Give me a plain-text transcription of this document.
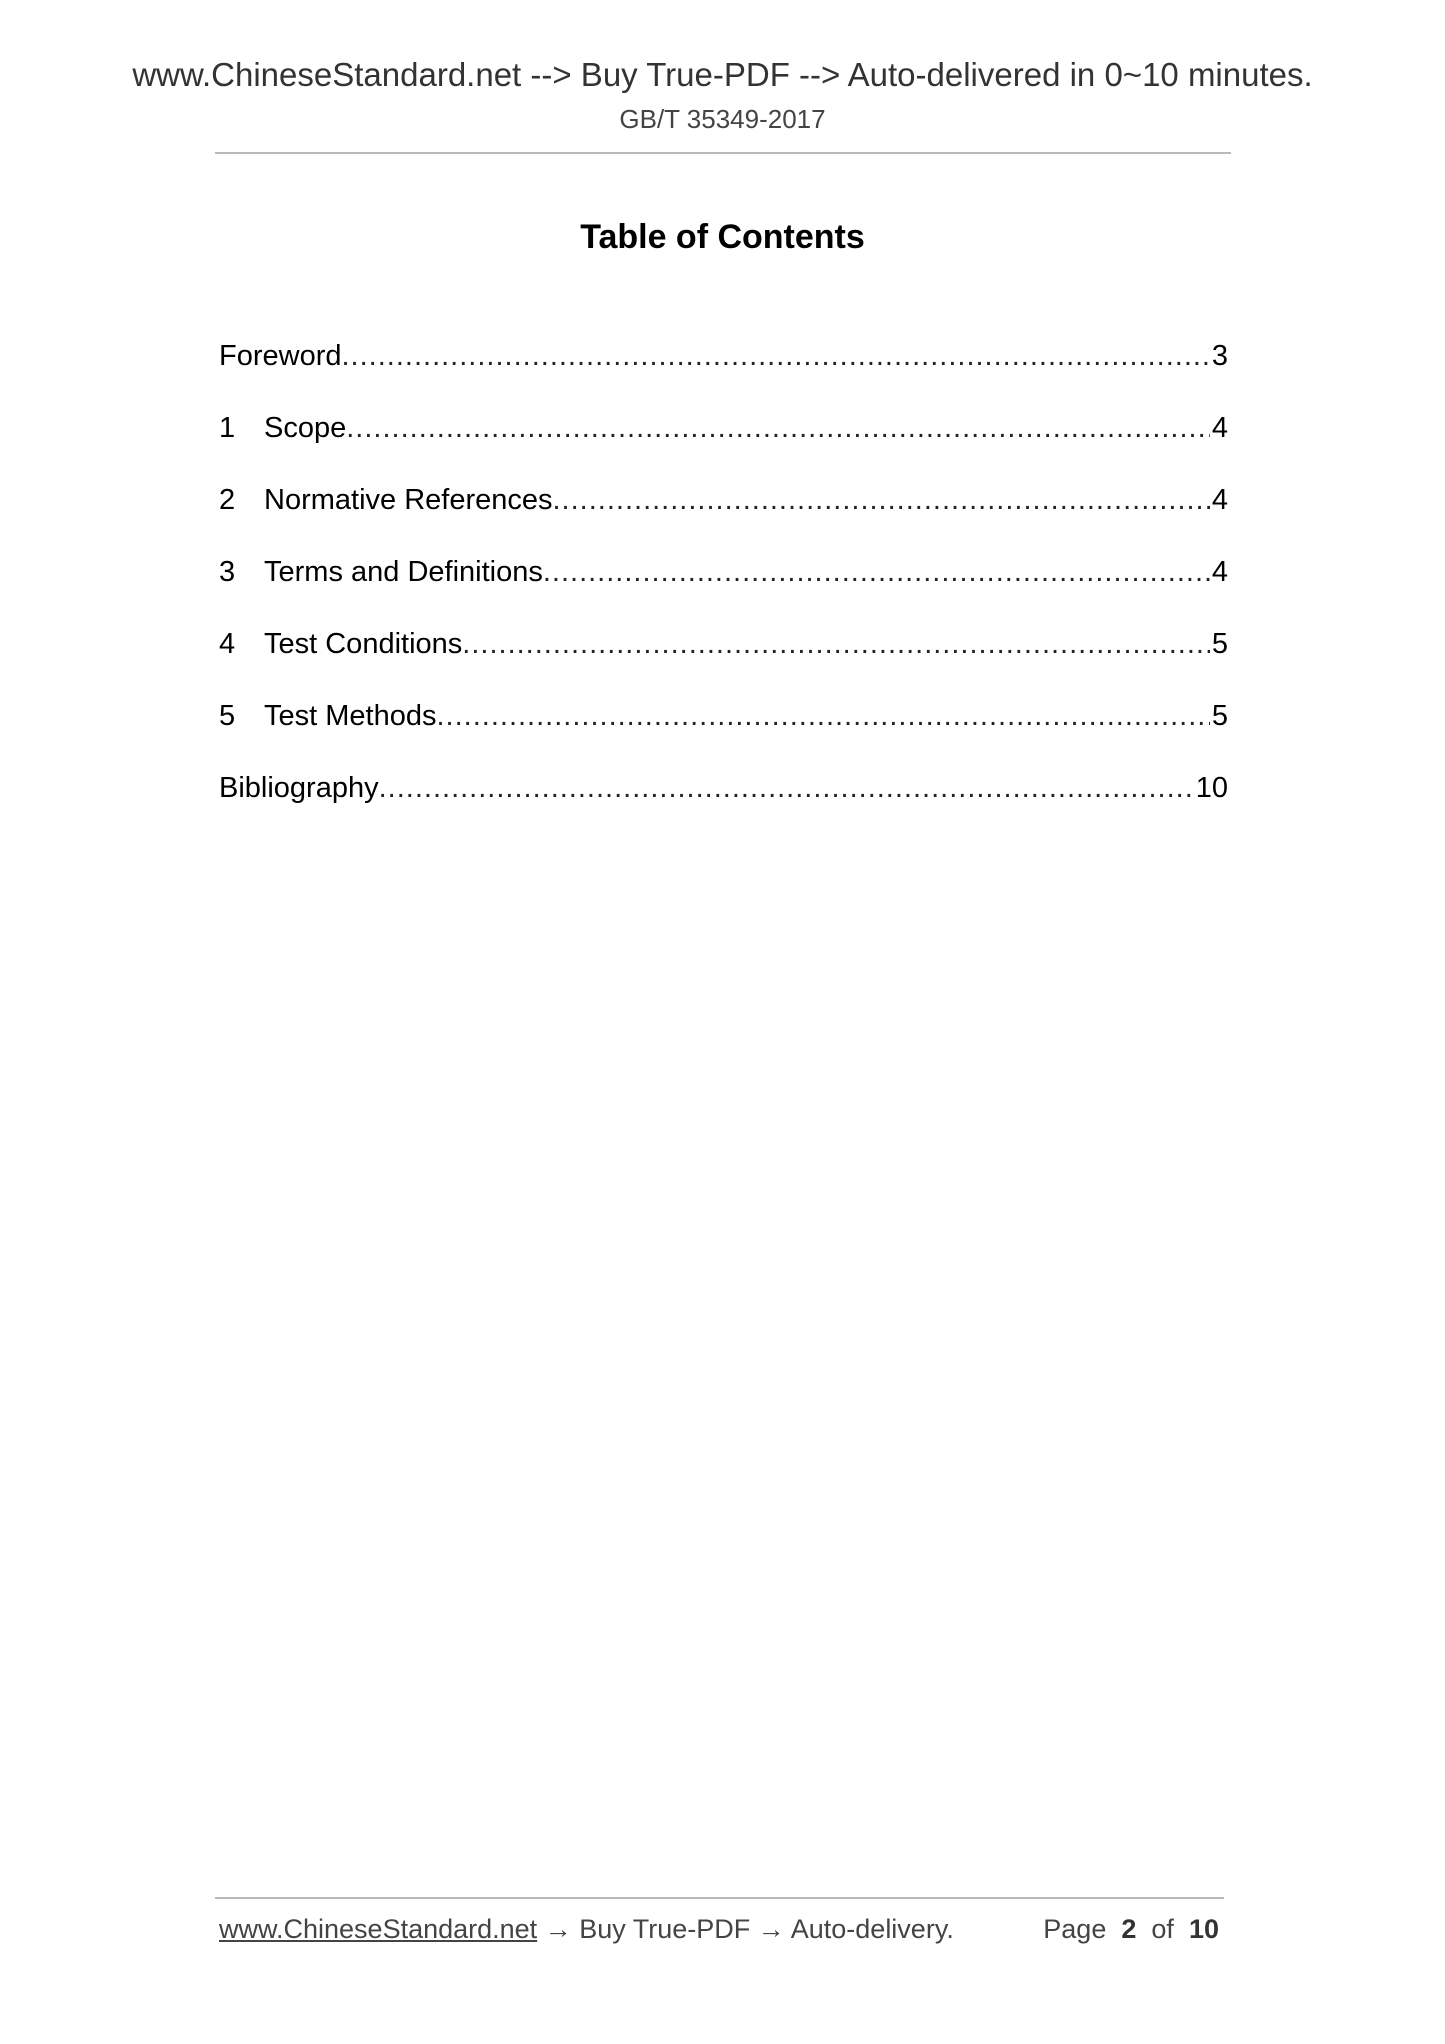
www.ChineseStandard.net --> Buy True-PDF --> Auto-delivered in 0~10 minutes.
GB/T 35349-2017
Table of Contents
Foreword .....	3
1 Scope .....	4
2 Normative References .....	4
3 Terms and Definitions .....	4
4 Test Conditions .....	5
5 Test Methods .....	5
Bibliography .....	10
www.ChineseStandard.net → Buy True-PDF → Auto-delivery.	Page 2 of 10
